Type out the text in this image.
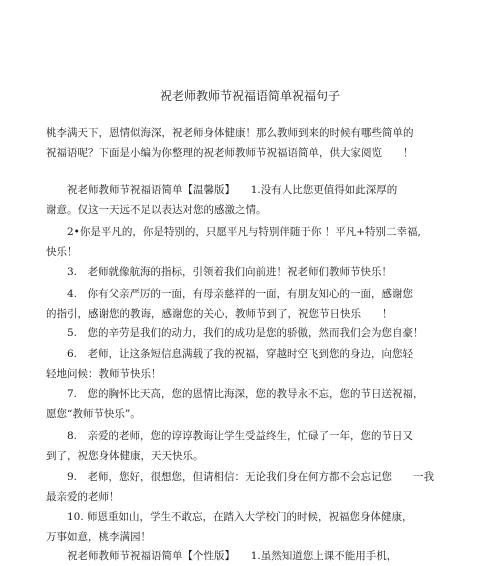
祝老师教师节祝福语简单祝福句子
桃李满天下，恩情似海深，祝老师身体健康！那么教师到来的时候有哪些简单的
祝福语呢？下面是小编为你整理的祝老师教师节祝福语简单，供大家阅览　　！
祝老师教师节祝福语简单【温馨版】　　1.没有人比您更值得如此深厚的
谢意。仅这一天远不足以表达对您的感激之情。
2•你是平凡的，你是特别的，只愿平凡与特别伴随于你 ！平凡+特别二幸福,
快乐！
3.　老师就像航海的指标，引领着我们向前进！祝老师们教师节快乐！
4.　你有父亲严厉的一面，有母亲慈祥的一面，有朋友知心的一面，感谢您
的指引，感谢您的教诲，感谢您的关心，教师节到了，祝您节日快乐　　！
5.　您的辛劳是我们的动力，我们的成功是您的骄傲，然而我们会为您自豪！
6.　老师，让这条短信息满载了我的祝福，穿越时空飞到您的身边，向您轻
轻地问候：教师节快乐！
7.　您的胸怀比天高，您的恩情比海深，您的教导永不忘，您的节日送祝福，
愿您“教师节快乐”。
8.　亲爱的老师，您的谆谆教诲让学生受益终生，忙碌了一年，您的节日又
到了，祝您身体健康，天天快乐。
9.　老师，您好，很想您，但请相信：无论我们身在何方都不会忘记您　　一我
最亲爱的老师！
10. 师恩重如山，学生不敢忘，在踏入大学校门的时候，祝福您身体健康，
万事如意，桃李满园！
祝老师教师节祝福语简单【个性版】　　1.虽然知道您上课不能用手机，
